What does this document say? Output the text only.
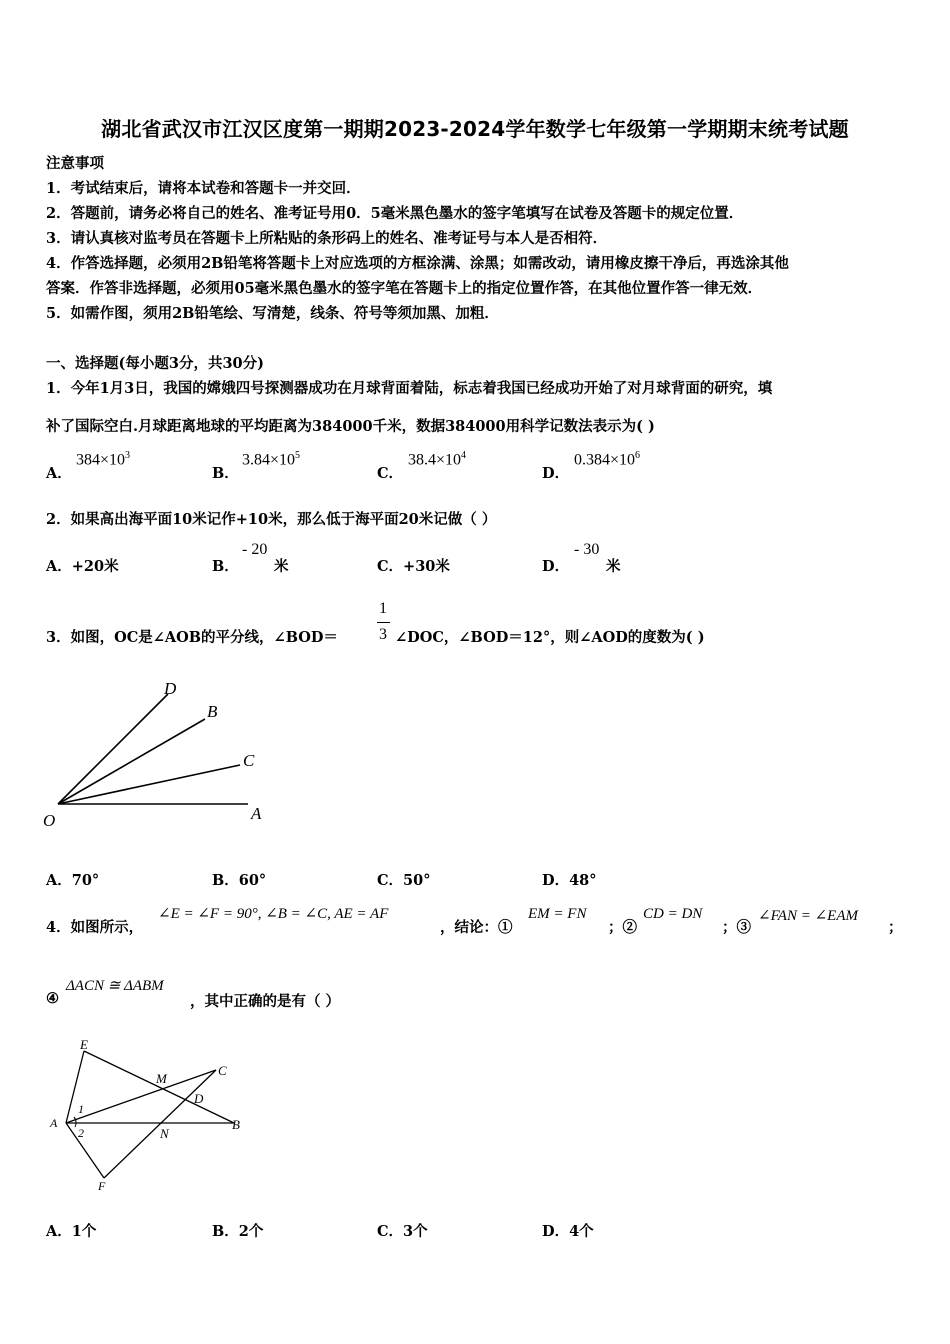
湖北省武汉市江汉区度第一期期2023-2024学年数学七年级第一学期期末统考试题
注意事项
1．考试结束后，请将本试卷和答题卡一并交回．
2．答题前，请务必将自己的姓名、准考证号用0．5毫米黑色墨水的签字笔填写在试卷及答题卡的规定位置．
3．请认真核对监考员在答题卡上所粘贴的条形码上的姓名、准考证号与本人是否相符．
4．作答选择题，必须用2B铅笔将答题卡上对应选项的方框涂满、涂黑；如需改动，请用橡皮擦干净后，再选涂其他
答案．作答非选择题，必须用05毫米黑色墨水的签字笔在答题卡上的指定位置作答，在其他位置作答一律无效．
5．如需作图，须用2B铅笔绘、写清楚，线条、符号等须加黑、加粗．
一、选择题(每小题3分，共30分)
1．今年1月3日，我国的嫦娥四号探测器成功在月球背面着陆，标志着我国已经成功开始了对月球背面的研究，填
补了国际空白.月球距离地球的平均距离为384000千米，数据384000用科学记数法表示为( )
A．
$384\times 10^3$
B．
$3.84\times 10^5$
C．
$38.4\times 10^4$
D．
$0.384\times 10^6$
2．如果高出海平面10米记作+10米，那么低于海平面20米记做（ ）
A．+20米	B．
- 20
米	C．+30米	D．
- 30
米
3．如图，OC是∠AOB的平分线，∠BOD＝
1
3 ∠DOC，∠BOD＝12°，则∠AOD的度数为( )
D
B
C
O	A
A．70°	B．60°	C．50°	D．48°
4．如图所示，
∠E = ∠F = 90°, ∠B = ∠C, AE = AF
，结论：①
EM = FN
；②
CD = DN
；③
∠FAN = ∠EAM
；
④
ΔACN ≅ ΔABM
，其中正确的是有（ ）
E
M
C
D
A
1
2	N
B
F
A．1个	B．2个	C．3个	D．4个
